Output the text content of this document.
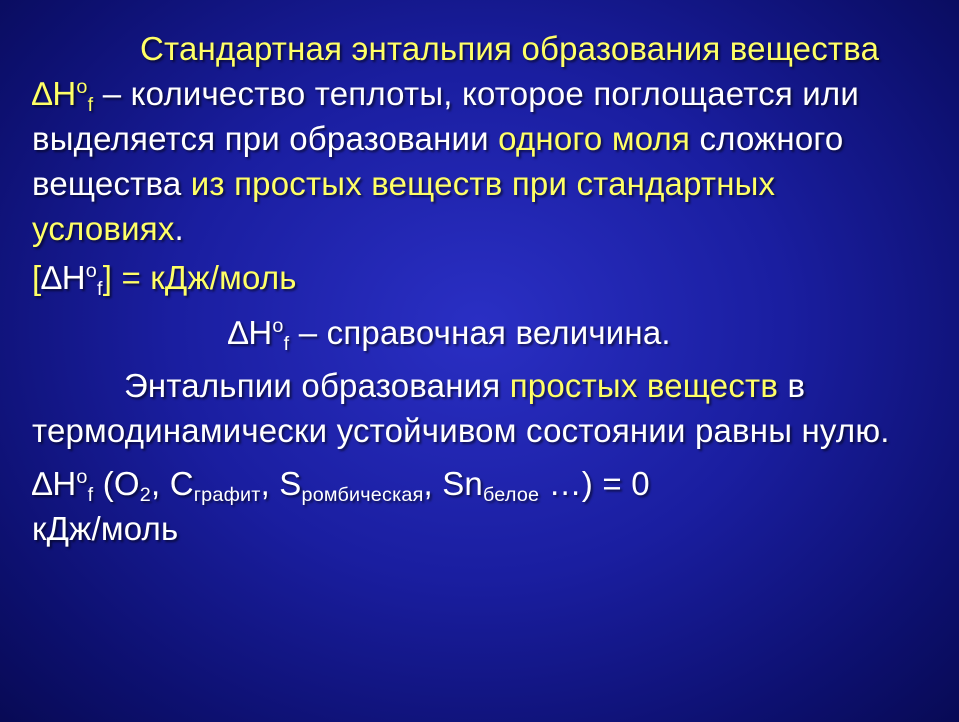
Стандартная энтальпия образования вещества $\Delta H^o_f$ – количество теплоты, которое поглощается или выделяется при образовании одного моля сложного вещества из простых веществ при стандартных условиях.

$[\Delta H^o_f]$ = кДж/моль

$\Delta H^o_f$ – справочная величина.

Энтальпии образования простых веществ в термодинамически устойчивом состоянии равны нулю.

$\Delta H^o_f$ ($O_2$, $C_{графит}$, $S_{ромбическая}$, $Sn_{белое}$ …) = 0
кДж/моль
